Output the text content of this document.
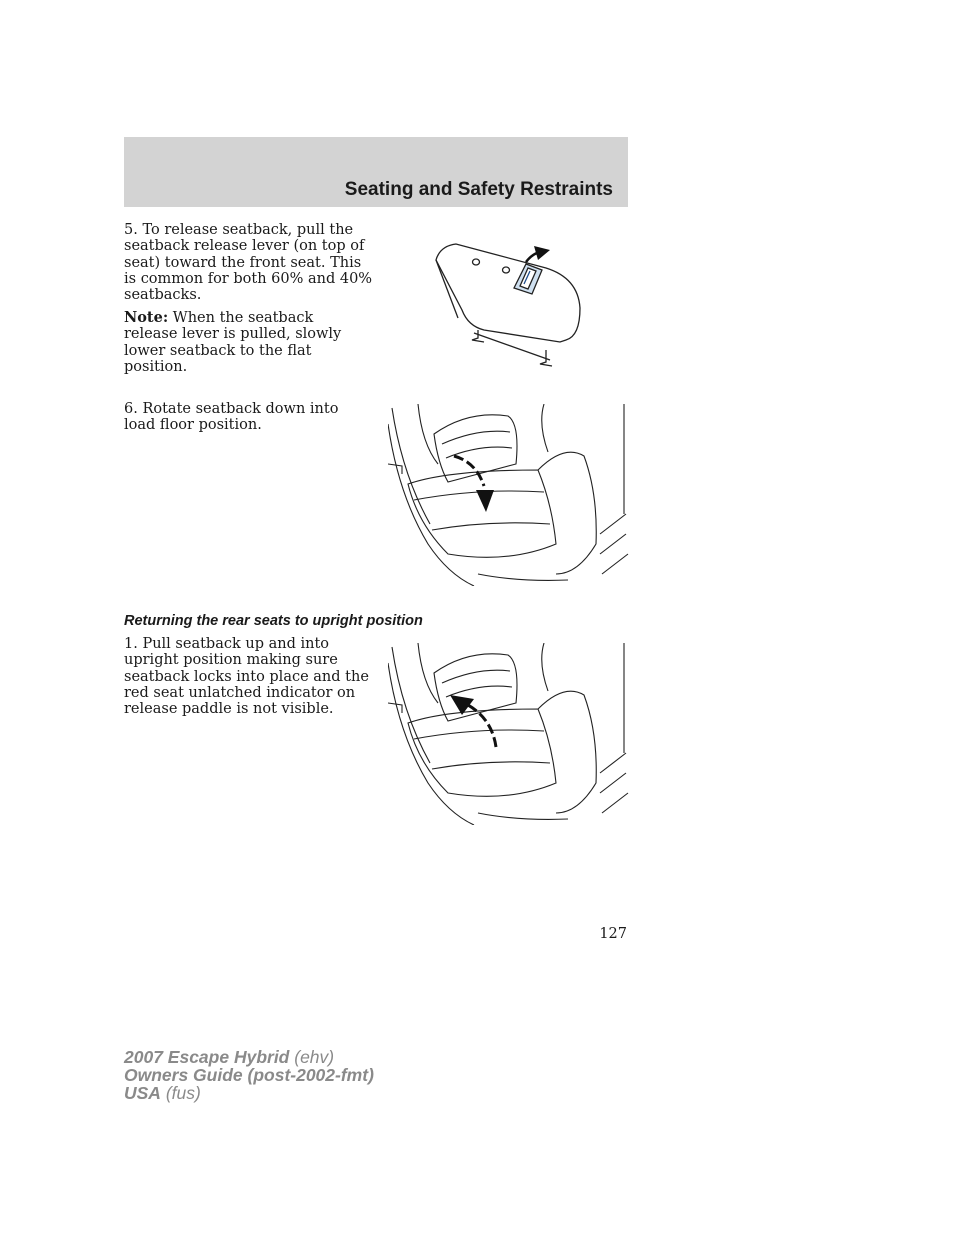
Seating and Safety Restraints

5. To release seatback, pull the seatback release lever (on top of seat) toward the front seat. This is common for both 60% and 40% seatbacks.

Note: When the seatback release lever is pulled, slowly lower seatback to the flat position.

6. Rotate seatback down into load floor position.

Returning the rear seats to upright position

1. Pull seatback up and into upright position making sure seatback locks into place and the red seat unlatched indicator on release paddle is not visible.

127
2007 Escape Hybrid (ehv)
Owners Guide (post-2002-fmt)
USA (fus)
